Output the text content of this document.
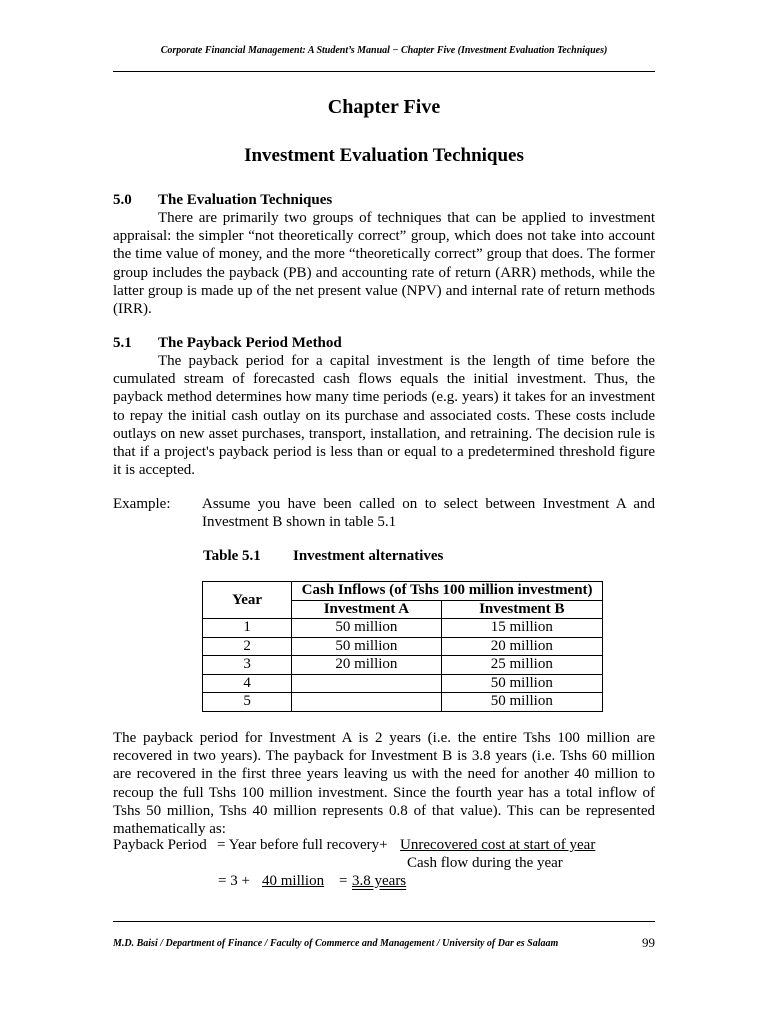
Corporate Financial Management: A Student’s Manual − Chapter Five (Investment Evaluation Techniques)
Chapter Five
Investment Evaluation Techniques
5.0 The Evaluation Techniques

There are primarily two groups of techniques that can be applied to investment appraisal: the simpler “not theoretically correct” group, which does not take into account the time value of money, and the more “theoretically correct” group that does. The former group includes the payback (PB) and accounting rate of return (ARR) methods, while the latter group is made up of the net present value (NPV) and internal rate of return methods (IRR).

5.1 The Payback Period Method

The payback period for a capital investment is the length of time before the cumulated stream of forecasted cash flows equals the initial investment. Thus, the payback method determines how many time periods (e.g. years) it takes for an investment to repay the initial cash outlay on its purchase and associated costs. These costs include outlays on new asset purchases, transport, installation, and retraining. The decision rule is that if a project's payback period is less than or equal to a predetermined threshold figure it is accepted.

Example: Assume you have been called on to select between Investment A and Investment B shown in table 5.1

Table 5.1 Investment alternatives
Year	Cash Inflows (of Tshs 100 million investment)	
	Investment A	Investment B
1	50 million	15 million
2	50 million	20 million
3	20 million	25 million
4		50 million
5		50 million

The payback period for Investment A is 2 years (i.e. the entire Tshs 100 million are recovered in two years). The payback for Investment B is 3.8 years (i.e. Tshs 60 million are recovered in the first three years leaving us with the need for another 40 million to recoup the full Tshs 100 million investment. Since the fourth year has a total inflow of Tshs 50 million, Tshs 40 million represents 0.8 of that value). This can be represented mathematically as:

Payback Period = Year before full recovery+ Unrecovered cost at start of year
Cash flow during the year
= 3 + 40 million = 3.8 years
M.D. Baisi / Department of Finance / Faculty of Commerce and Management / University of Dar es Salaam	99
